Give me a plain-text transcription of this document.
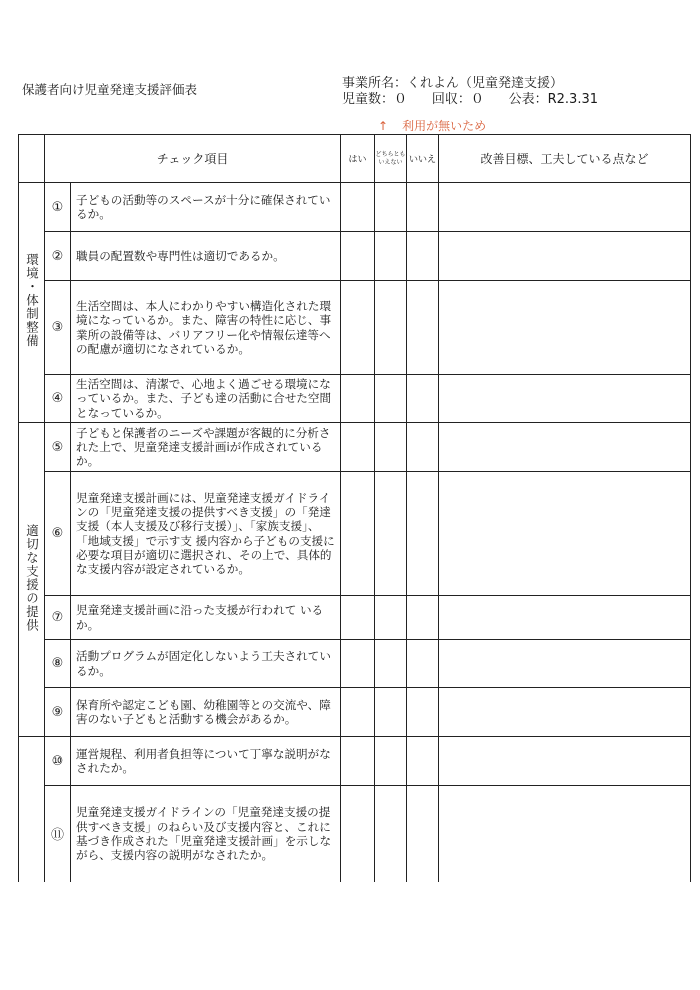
保護者向け児童発達支援評価表	事業所名：くれよん（児童発達支援）
児童数：０ 回収：０ 公表：R2.3.31
↑ 利用が無いため
	チェック項目		はい	どちらともいえない	いいえ	改善目標、工夫している点など
環境・体制整備	①	子どもの活動等のスペースが十分に確保されているか。				
	②	職員の配置数や専門性は適切であるか。				
	③	生活空間は、本人にわかりやすい構造化された環境になっているか。また、障害の特性に応じ、事業所の設備等は、バリアフリー化や情報伝達等への配慮が適切になされているか。				
	④	生活空間は、清潔で、心地よく過ごせる環境になっているか。また、子ども達の活動に合せた空間となっているか。				
適切な支援の提供	⑤	子どもと保護者のニーズや課題が客観的に分析された上で、児童発達支援計画iが作成されているか。				
	⑥	児童発達支援計画には、児童発達支援ガイドラインの「児童発達支援の提供すべき支援」の「発達支援（本人支援及び移行支援）」、「家族支援」、「地域支援」で示す支 援内容から子どもの支援に必要な項目が適切に選択され、その上で、具体的な支援内容が設定されているか。				
	⑦	児童発達支援計画に沿った支援が行われて いるか。				
	⑧	活動プログラムが固定化しないよう工夫されているか。				
	⑨	保育所や認定こども園、幼稚園等との交流や、障害のない子どもと活動する機会があるか。				
	⑩	運営規程、利用者負担等について丁寧な説明がなされたか。				
	⑪	児童発達支援ガイドラインの「児童発達支援の提供すべき支援」のねらい及び支援内容と、これに基づき作成された「児童発達支援計画」を示しながら、支援内容の説明がなされたか。				
